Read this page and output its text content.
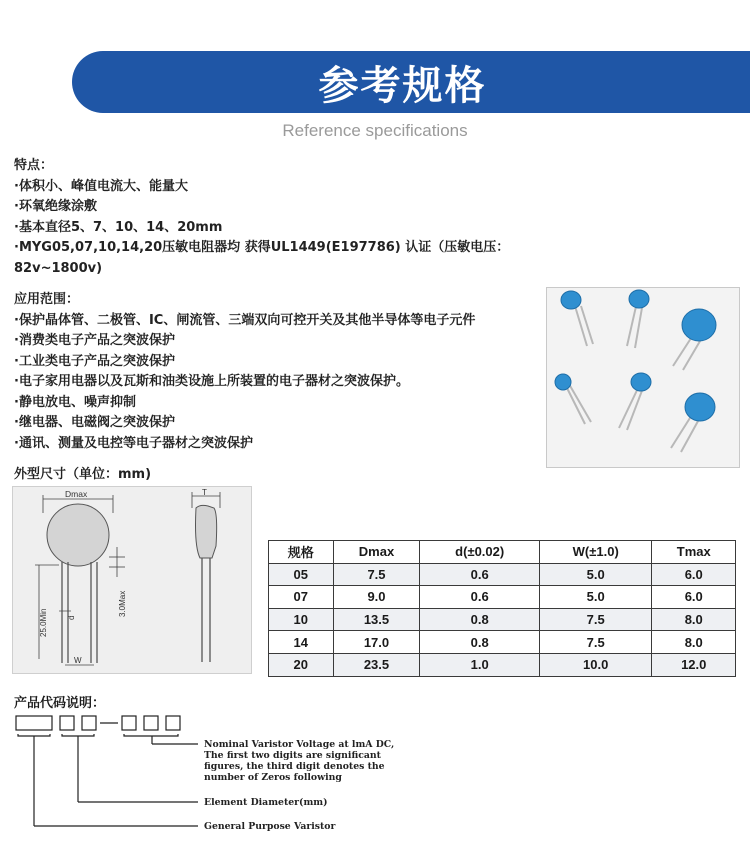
参考规格
Reference specifications
特点：
·体积小、峰值电流大、能量大
·环氧绝缘涂敷
·基本直径5、7、10、14、20mm
·MYG05,07,10,14,20压敏电阻器均 获得UL1449(E197786) 认证（压敏电压：
82v~1800v)
应用范围：
·保护晶体管、二极管、IC、闸流管、三端双向可控开关及其他半导体等电子元件
·消费类电子产品之突波保护
·工业类电子产品之突波保护
·电子家用电器以及瓦斯和油类设施上所装置的电子器材之突波保护。
·静电放电、噪声抑制
·继电器、电磁阀之突波保护
·通讯、测量及电控等电子器材之突波保护
外型尺寸（单位：mm)
Dmax
25.0Min d
W
3.0Max
T
规格	Dmax	d(±0.02)	W(±1.0)	Tmax
05	7.5	0.6	5.0	6.0
07	9.0	0.6	5.0	6.0
10	13.5	0.8	7.5	8.0
14	17.0	0.8	7.5	8.0
20	23.5	1.0	10.0	12.0
产品代码说明：
Nominal Varistor Voltage at lmA DC,
The first two digits are significant
figures, the third digit denotes the
number of Zeros following
Element Diameter(mm)
General Purpose Varistor
